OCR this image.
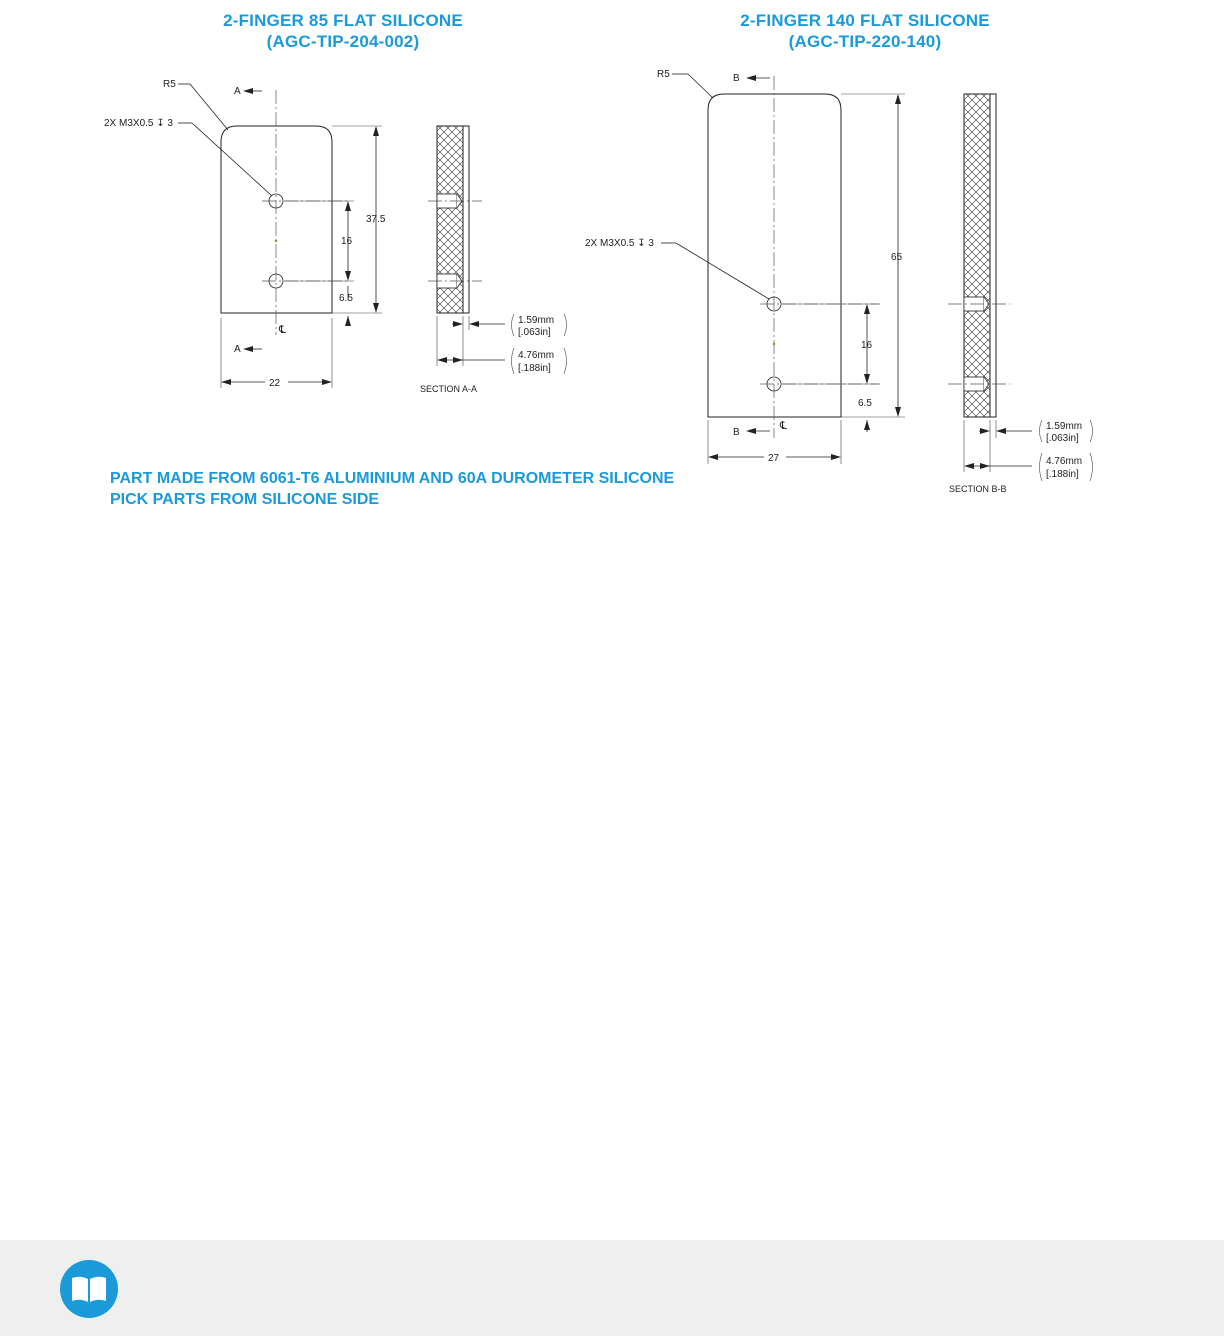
2-FINGER 85 FLAT SILICONE
(AGC-TIP-204-002)
2-FINGER 140 FLAT SILICONE
(AGC-TIP-220-140)
A
A
℄
R5
2X M3X0.5 ↧ 3
37.5
16
6.5
22
1.59mm
[.063in]
4.76mm
[.188in]
SECTION A-A
B
B
℄
R5
2X M3X0.5 ↧ 3
65
16
6.5
27
1.59mm
[.063in]
4.76mm
[.188in]
SECTION B-B
PART MADE FROM 6061-T6 ALUMINIUM AND 60A DUROMETER SILICONE
PICK PARTS FROM SILICONE SIDE
